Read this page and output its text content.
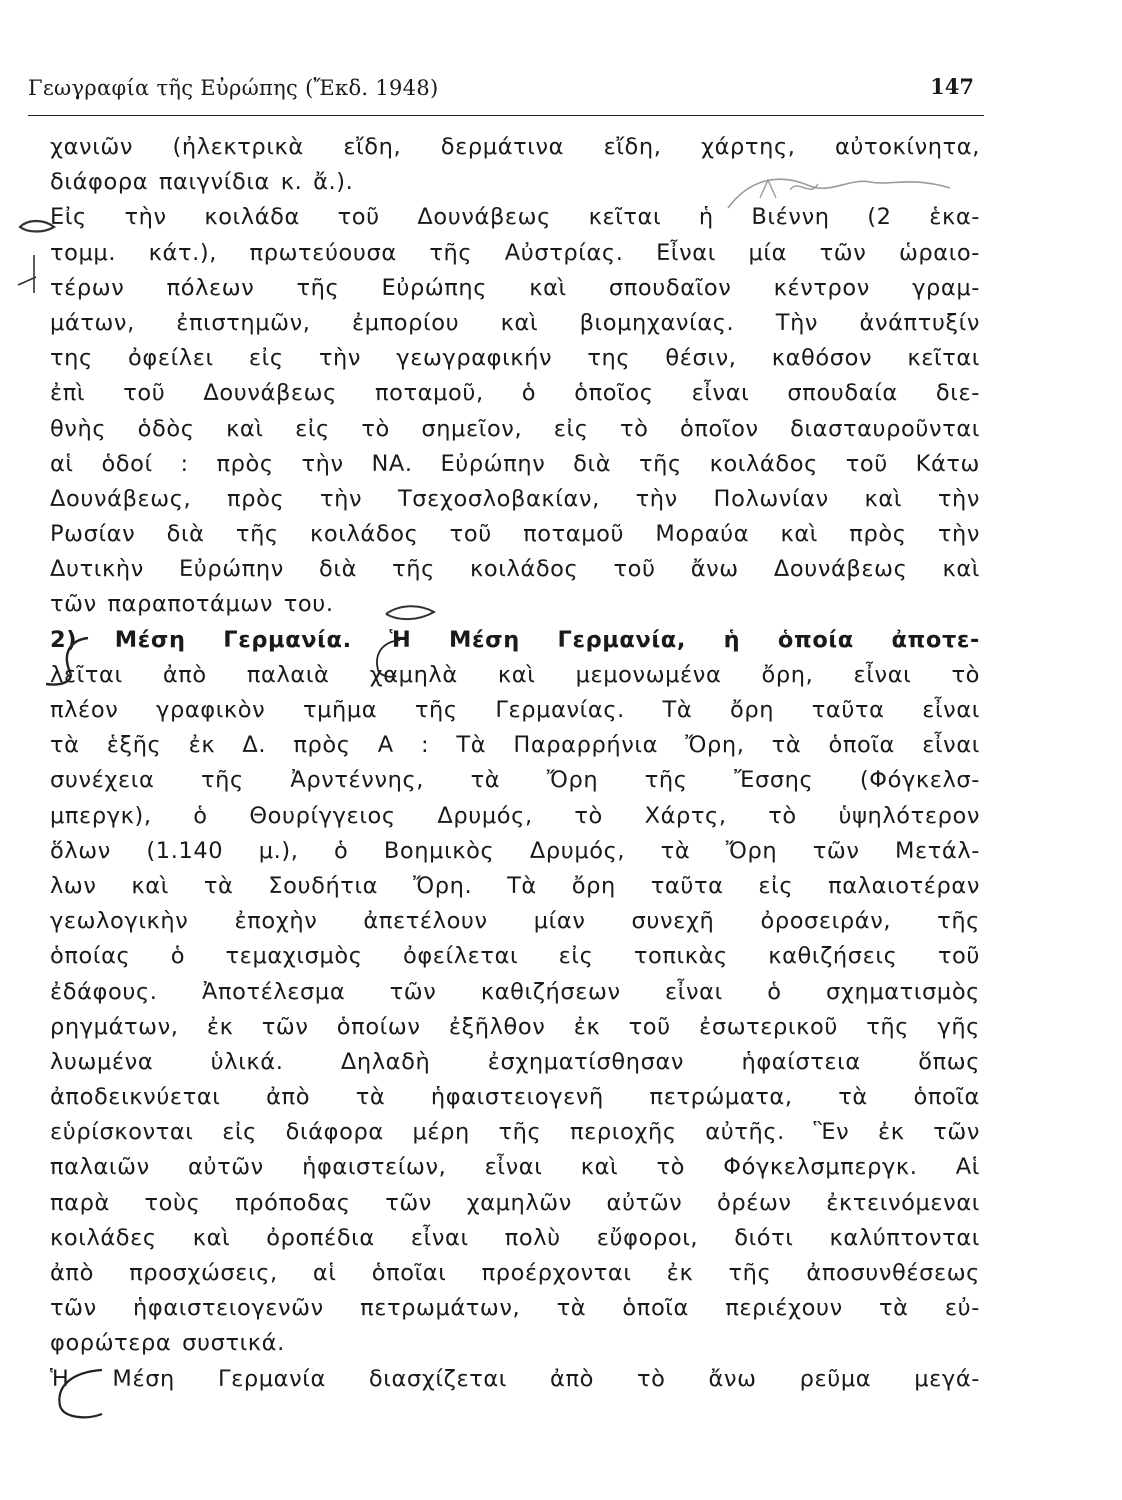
Γεωγραφία τῆς Εὐρώπης (Ἔκδ. 1948)	147
χανιῶν (ἠλεκτρικὰ εἴδη, δερμάτινα εἴδη, χάρτης, αὐτοκίνητα,
διάφορα παιγνίδια κ. ἄ.).
Εἰς τὴν κοιλάδα τοῦ Δουνάβεως κεῖται ἡ Βιέννη (2 ἑκα-
τομμ. κάτ.), πρωτεύουσα τῆς Αὐστρίας. Εἶναι μία τῶν ὡραιο-
τέρων πόλεων τῆς Εὐρώπης καὶ σπουδαῖον κέντρον γραμ-
μάτων, ἐπιστημῶν, ἐμπορίου καὶ βιομηχανίας. Τὴν ἀνάπτυξίν
της ὀφείλει εἰς τὴν γεωγραφικήν της θέσιν, καθόσον κεῖται
ἐπὶ τοῦ Δουνάβεως ποταμοῦ, ὁ ὁποῖος εἶναι σπουδαία διε-
θνὴς ὁδὸς καὶ εἰς τὸ σημεῖον, εἰς τὸ ὁποῖον διασταυροῦνται
αἱ ὁδοί : πρὸς τὴν ΝΑ. Εὐρώπην διὰ τῆς κοιλάδος τοῦ Κάτω
Δουνάβεως, πρὸς τὴν Τσεχοσλοβακίαν, τὴν Πολωνίαν καὶ τὴν
Ρωσίαν διὰ τῆς κοιλάδος τοῦ ποταμοῦ Μοραύα καὶ πρὸς τὴν
Δυτικὴν Εὐρώπην διὰ τῆς κοιλάδος τοῦ ἄνω Δουνάβεως καὶ
τῶν παραποτάμων του.
2) Μέση Γερμανία. Ἡ Μέση Γερμανία, ἡ ὁποία ἀποτε-
λεῖται ἀπὸ παλαιὰ χαμηλὰ καὶ μεμονωμένα ὄρη, εἶναι τὸ
πλέον γραφικὸν τμῆμα τῆς Γερμανίας. Τὰ ὄρη ταῦτα εἶναι
τὰ ἑξῆς ἐκ Δ. πρὸς Α : Τὰ Παραρρήνια Ὄρη, τὰ ὁποῖα εἶναι
συνέχεια τῆς Ἀρντέννης, τὰ Ὄρη τῆς Ἔσσης (Φόγκελσ-
μπεργκ), ὁ Θουρίγγειος Δρυμός, τὸ Χάρτς, τὸ ὑψηλότερον
ὅλων (1.140 μ.), ὁ Βοημικὸς Δρυμός, τὰ Ὄρη τῶν Μετάλ-
λων καὶ τὰ Σουδήτια Ὄρη. Τὰ ὄρη ταῦτα εἰς παλαιοτέραν
γεωλογικὴν ἐποχὴν ἀπετέλουν μίαν συνεχῆ ὀροσειράν, τῆς
ὁποίας ὁ τεμαχισμὸς ὀφείλεται εἰς τοπικὰς καθιζήσεις τοῦ
ἐδάφους. Ἀποτέλεσμα τῶν καθιζήσεων εἶναι ὁ σχηματισμὸς
ρηγμάτων, ἐκ τῶν ὁποίων ἐξῆλθον ἐκ τοῦ ἐσωτερικοῦ τῆς γῆς
λυωμένα ὑλικά. Δηλαδὴ ἐσχηματίσθησαν ἡφαίστεια ὅπως
ἀποδεικνύεται ἀπὸ τὰ ἡφαιστειογενῆ πετρώματα, τὰ ὁποῖα
εὑρίσκονται εἰς διάφορα μέρη τῆς περιοχῆς αὐτῆς. Ἓν ἐκ τῶν
παλαιῶν αὐτῶν ἡφαιστείων, εἶναι καὶ τὸ Φόγκελσμπεργκ. Αἱ
παρὰ τοὺς πρόποδας τῶν χαμηλῶν αὐτῶν ὀρέων ἐκτεινόμεναι
κοιλάδες καὶ ὀροπέδια εἶναι πολὺ εὔφοροι, διότι καλύπτονται
ἀπὸ προσχώσεις, αἱ ὁποῖαι προέρχονται ἐκ τῆς ἀποσυνθέσεως
τῶν ἡφαιστειογενῶν πετρωμάτων, τὰ ὁποῖα περιέχουν τὰ εὐ-
φορώτερα συστικά.
Ἡ Μέση Γερμανία διασχίζεται ἀπὸ τὸ ἄνω ρεῦμα μεγά-
